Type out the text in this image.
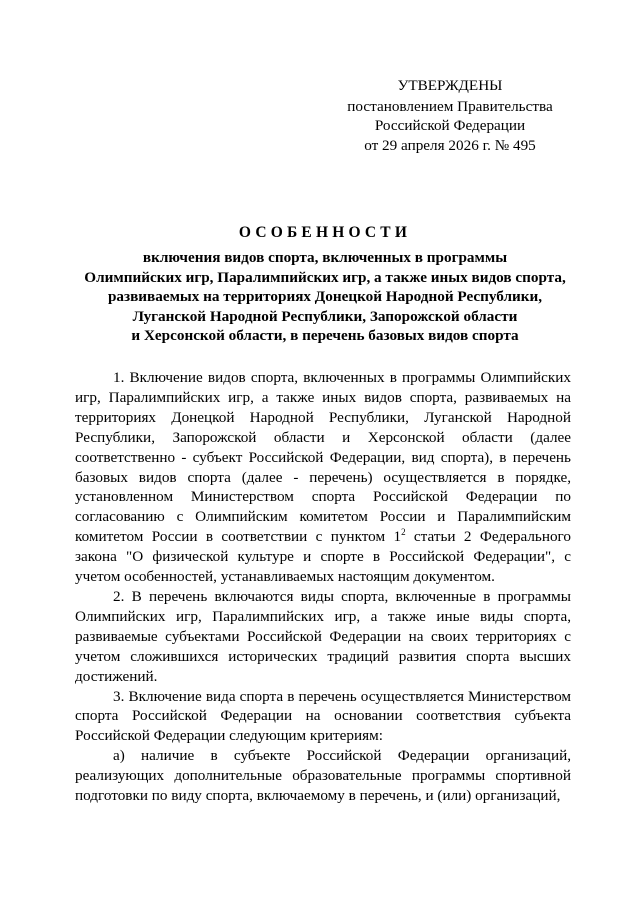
УТВЕРЖДЕНЫ
постановлением Правительства
Российской Федерации
от 29 апреля 2026 г. № 495
ОСОБЕННОСТИ
включения видов спорта, включенных в программы
Олимпийских игр, Паралимпийских игр, а также иных видов спорта,
развиваемых на территориях Донецкой Народной Республики,
Луганской Народной Республики, Запорожской области
и Херсонской области, в перечень базовых видов спорта

1. Включение видов спорта, включенных в программы Олимпийских игр, Паралимпийских игр, а также иных видов спорта, развиваемых на территориях Донецкой Народной Республики, Луганской Народной Республики, Запорожской области и Херсонской области (далее соответственно - субъект Российской Федерации, вид спорта), в перечень базовых видов спорта (далее - перечень) осуществляется в порядке, установленном Министерством спорта Российской Федерации по согласованию с Олимпийским комитетом России и Паралимпийским комитетом России в соответствии с пунктом $1^2$ статьи 2 Федерального закона "О физической культуре и спорте в Российской Федерации", с учетом особенностей, устанавливаемых настоящим документом.

2. В перечень включаются виды спорта, включенные в программы Олимпийских игр, Паралимпийских игр, а также иные виды спорта, развиваемые субъектами Российской Федерации на своих территориях с учетом сложившихся исторических традиций развития спорта высших достижений.

3. Включение вида спорта в перечень осуществляется Министерством спорта Российской Федерации на основании соответствия субъекта Российской Федерации следующим критериям:

а) наличие в субъекте Российской Федерации организаций, реализующих дополнительные образовательные программы спортивной подготовки по виду спорта, включаемому в перечень, и (или) организаций,
